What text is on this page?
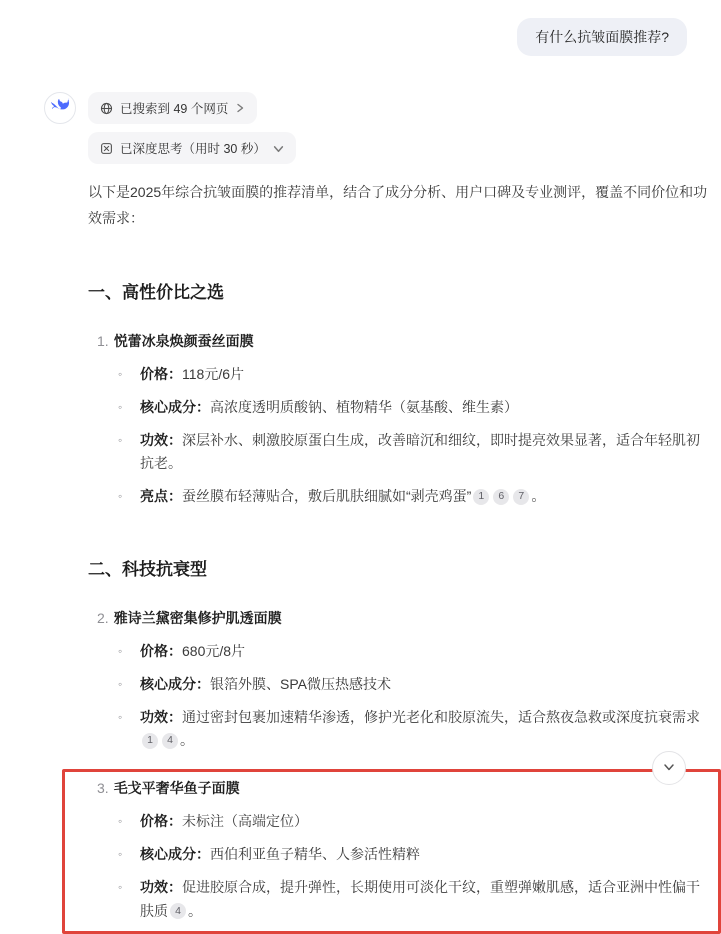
有什么抗皱面膜推荐?
已搜索到 49 个网页
已深度思考（用时 30 秒）

以下是2025年综合抗皱面膜的推荐清单，结合了成分分析、用户口碑及专业测评，覆盖不同价位和功效需求：

一、高性价比之选
1. 悦蕾冰泉焕颜蚕丝面膜
◦	价格：118元/6片
◦	核心成分：高浓度透明质酸钠、植物精华（氨基酸、维生素）
◦	功效：深层补水、刺激胶原蛋白生成，改善暗沉和细纹，即时提亮效果显著，适合年轻肌初抗老。
◦	亮点：蚕丝膜布轻薄贴合，敷后肌肤细腻如“剥壳鸡蛋” 1 6 7 。
二、科技抗衰型
2. 雅诗兰黛密集修护肌透面膜
◦	价格：680元/8片
◦	核心成分：银箔外膜、SPA微压热感技术
◦	功效：通过密封包裹加速精华渗透，修护光老化和胶原流失，适合熬夜急救或深度抗衰需求1 4 。
3. 毛戈平奢华鱼子面膜
◦	价格：未标注（高端定位）
◦	核心成分：西伯利亚鱼子精华、人参活性精粹
◦	功效：促进胶原合成，提升弹性，长期使用可淡化干纹，重塑弹嫩肌感，适合亚洲中性偏干肤质 4 。
